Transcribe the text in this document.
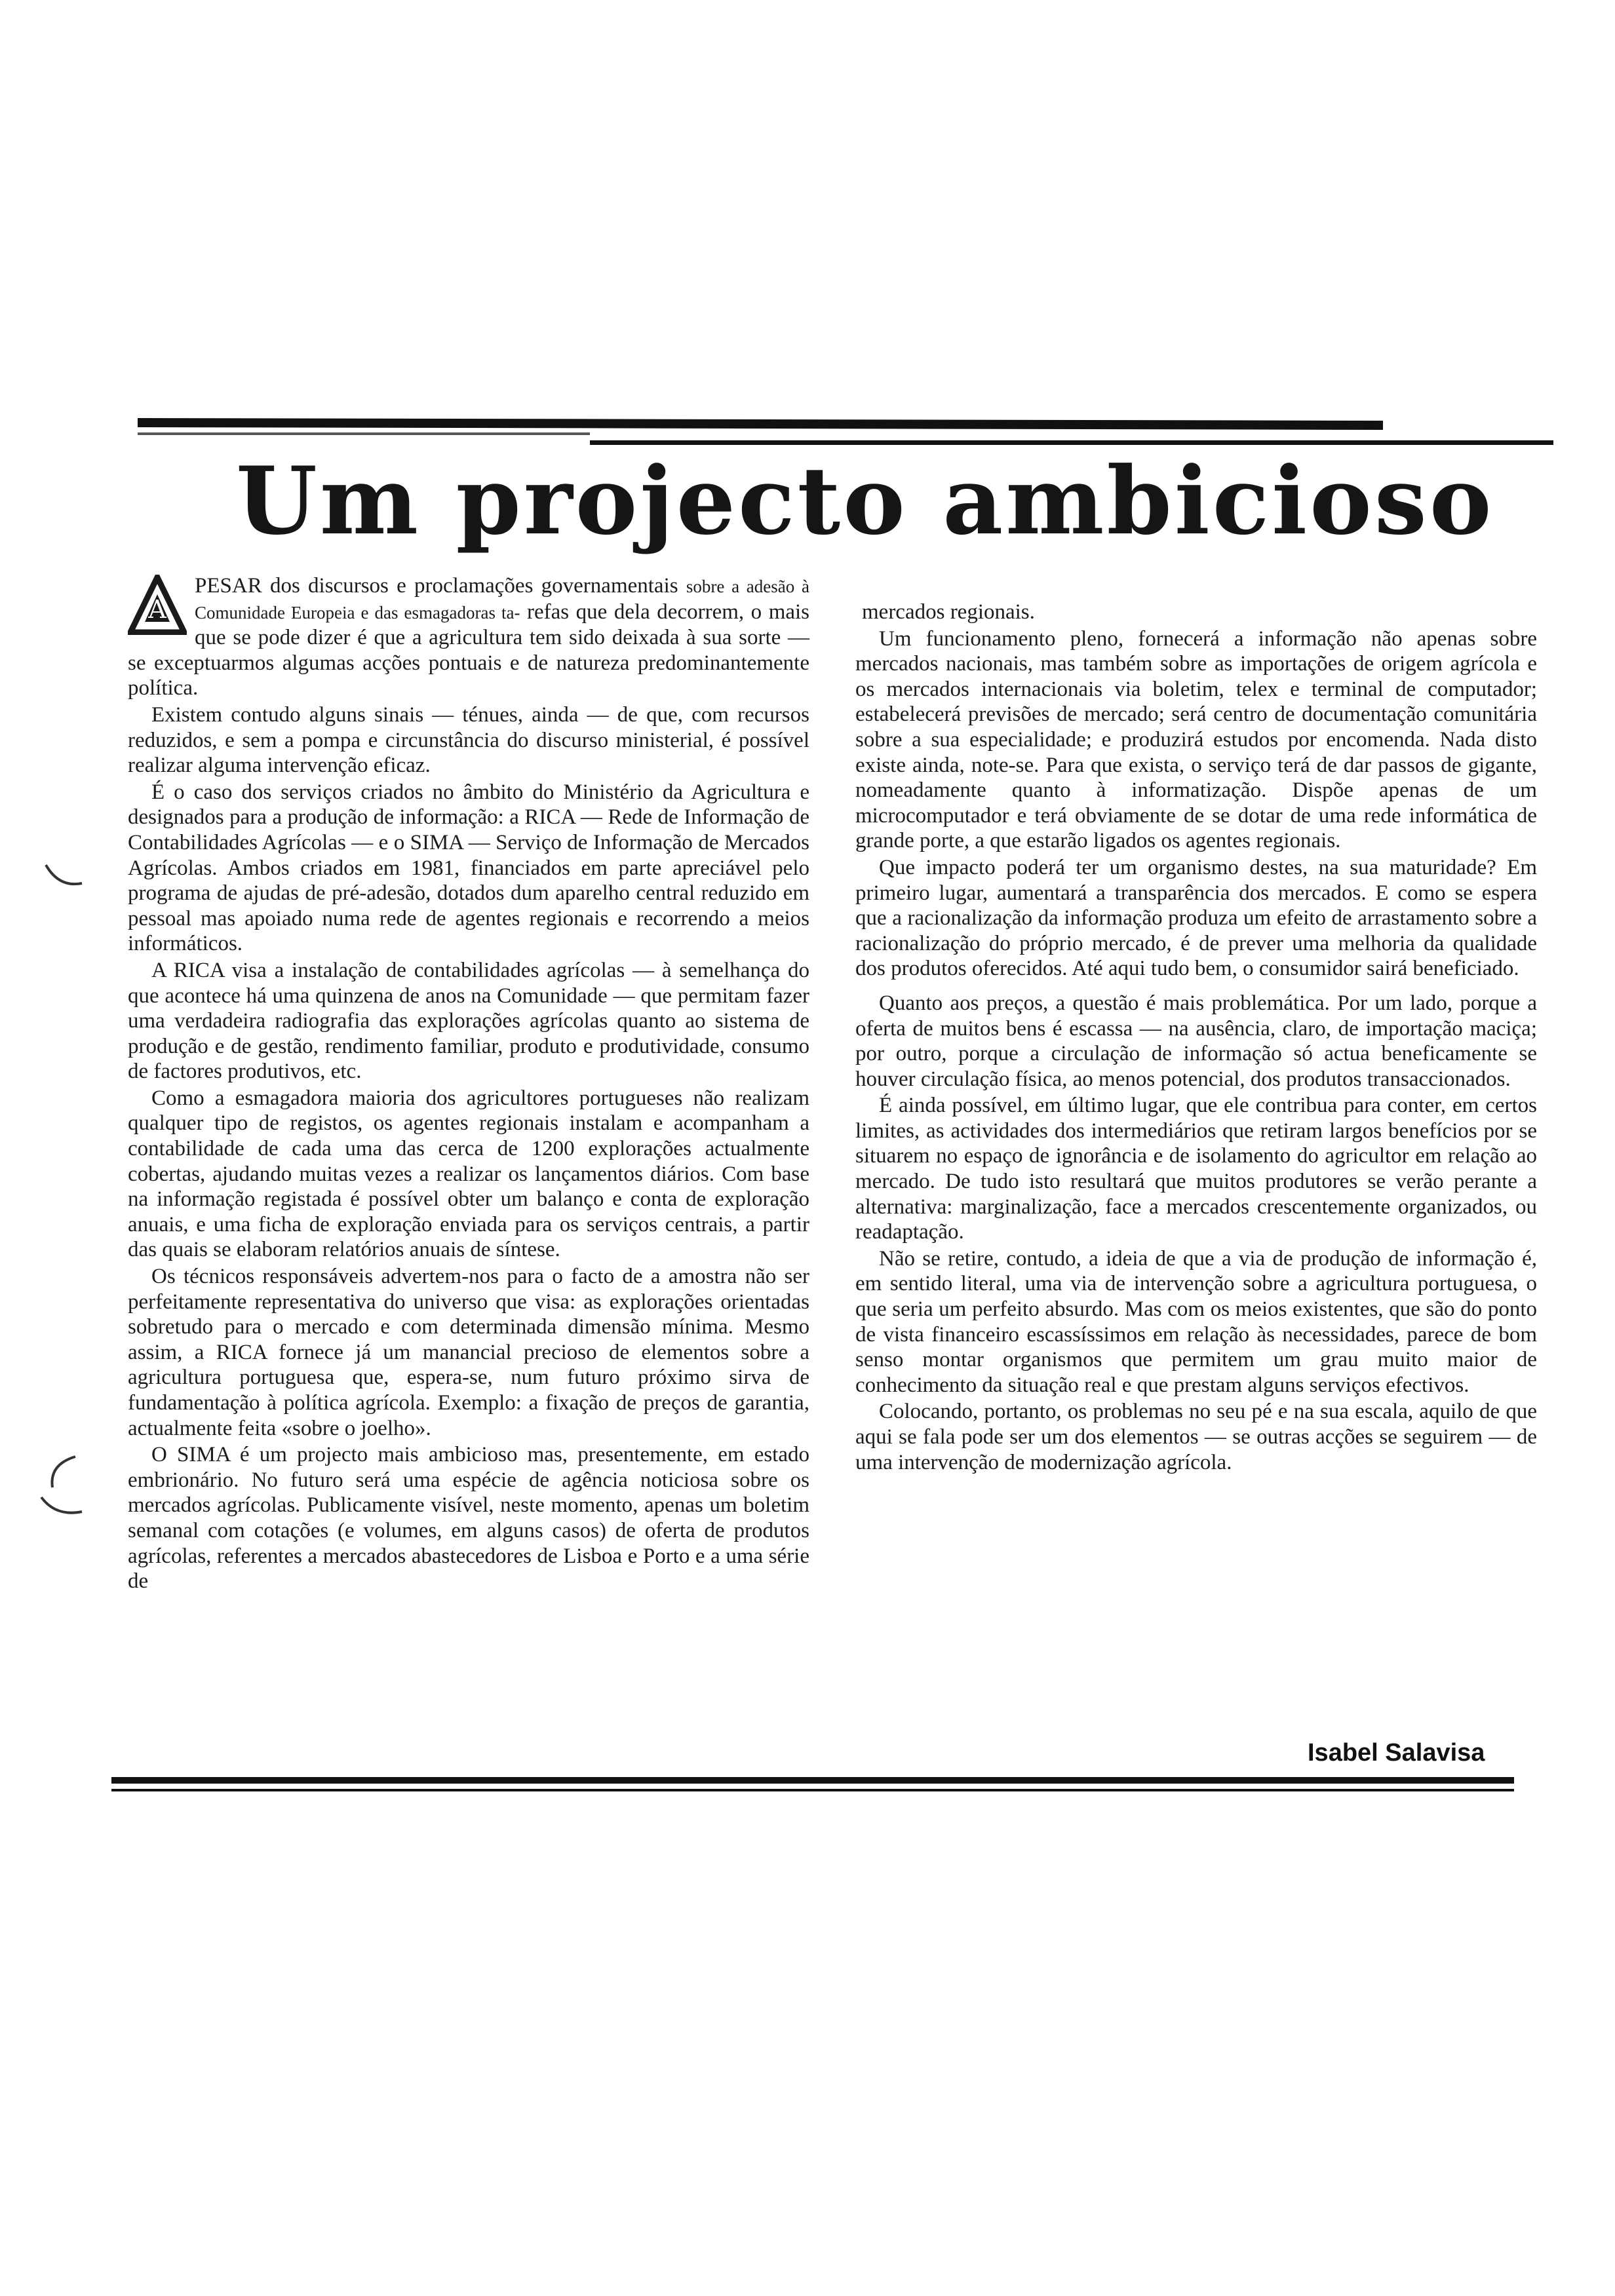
Um projecto ambicioso

A
PESAR dos discursos e proclamações governamentais sobre a adesão à Comunidade Europeia e das esmagadoras ta- refas que dela decorrem, o mais que se pode dizer é que a agricultura tem sido deixada à sua sorte — se exceptuarmos algumas acções pontuais e de natureza predominantemente política.

Existem contudo alguns sinais — ténues, ainda — de que, com recursos reduzidos, e sem a pompa e circunstância do discurso ministerial, é possível realizar alguma intervenção eficaz.

É o caso dos serviços criados no âmbito do Ministério da Agricultura e designados para a produção de informação: a RICA — Rede de Informação de Contabilidades Agrícolas — e o SIMA — Serviço de Informação de Mercados Agrícolas. Ambos criados em 1981, financiados em parte apreciável pelo programa de ajudas de pré-adesão, dotados dum aparelho central reduzido em pessoal mas apoiado numa rede de agentes regionais e recorrendo a meios informáticos.

A RICA visa a instalação de contabilidades agrícolas — à semelhança do que acontece há uma quinzena de anos na Comunidade — que permitam fazer uma verdadeira radiografia das explorações agrícolas quanto ao sistema de produção e de gestão, rendimento familiar, produto e produtividade, consumo de factores produtivos, etc.

Como a esmagadora maioria dos agricultores portugueses não realizam qualquer tipo de registos, os agentes regionais instalam e acompanham a contabilidade de cada uma das cerca de 1200 explorações actualmente cobertas, ajudando muitas vezes a realizar os lançamentos diários. Com base na informação registada é possível obter um balanço e conta de exploração anuais, e uma ficha de exploração enviada para os serviços centrais, a partir das quais se elaboram relatórios anuais de síntese.

Os técnicos responsáveis advertem-nos para o facto de a amostra não ser perfeitamente representativa do universo que visa: as explorações orientadas sobretudo para o mercado e com determinada dimensão mínima. Mesmo assim, a RICA fornece já um manancial precioso de elementos sobre a agricultura portuguesa que, espera-se, num futuro próximo sirva de fundamentação à política agrícola. Exemplo: a fixação de preços de garantia, actualmente feita «sobre o joelho».

O SIMA é um projecto mais ambicioso mas, presentemente, em estado embrionário. No futuro será uma espécie de agência noticiosa sobre os mercados agrícolas. Publicamente visível, neste momento, apenas um boletim semanal com cotações (e volumes, em alguns casos) de oferta de produtos agrícolas, referentes a mercados abastecedores de Lisboa e Porto e a uma série de

mercados regionais.

Um funcionamento pleno, fornecerá a informação não apenas sobre mercados nacionais, mas também sobre as importações de origem agrícola e os mercados internacionais via boletim, telex e terminal de computador; estabelecerá previsões de mercado; será centro de documentação comunitária sobre a sua especialidade; e produzirá estudos por encomenda. Nada disto existe ainda, note-se. Para que exista, o serviço terá de dar passos de gigante, nomeadamente quanto à informatização. Dispõe apenas de um microcomputador e terá obviamente de se dotar de uma rede informática de grande porte, a que estarão ligados os agentes regionais.

Que impacto poderá ter um organismo destes, na sua maturidade? Em primeiro lugar, aumentará a transparência dos mercados. E como se espera que a racionalização da informação produza um efeito de arrastamento sobre a racionalização do próprio mercado, é de prever uma melhoria da qualidade dos produtos oferecidos. Até aqui tudo bem, o consumidor sairá beneficiado.

Quanto aos preços, a questão é mais problemática. Por um lado, porque a oferta de muitos bens é escassa — na ausência, claro, de importação maciça; por outro, porque a circulação de informação só actua beneficamente se houver circulação física, ao menos potencial, dos produtos transaccionados.

É ainda possível, em último lugar, que ele contribua para conter, em certos limites, as actividades dos intermediários que retiram largos benefícios por se situarem no espaço de ignorância e de isolamento do agricultor em relação ao mercado. De tudo isto resultará que muitos produtores se verão perante a alternativa: marginalização, face a mercados crescentemente organizados, ou readaptação.

Não se retire, contudo, a ideia de que a via de produção de informação é, em sentido literal, uma via de intervenção sobre a agricultura portuguesa, o que seria um perfeito absurdo. Mas com os meios existentes, que são do ponto de vista financeiro escassíssimos em relação às necessidades, parece de bom senso montar organismos que permitem um grau muito maior de conhecimento da situação real e que prestam alguns serviços efectivos.

Colocando, portanto, os problemas no seu pé e na sua escala, aquilo de que aqui se fala pode ser um dos elementos — se outras acções se seguirem — de uma intervenção de modernização agrícola.

Isabel Salavisa
